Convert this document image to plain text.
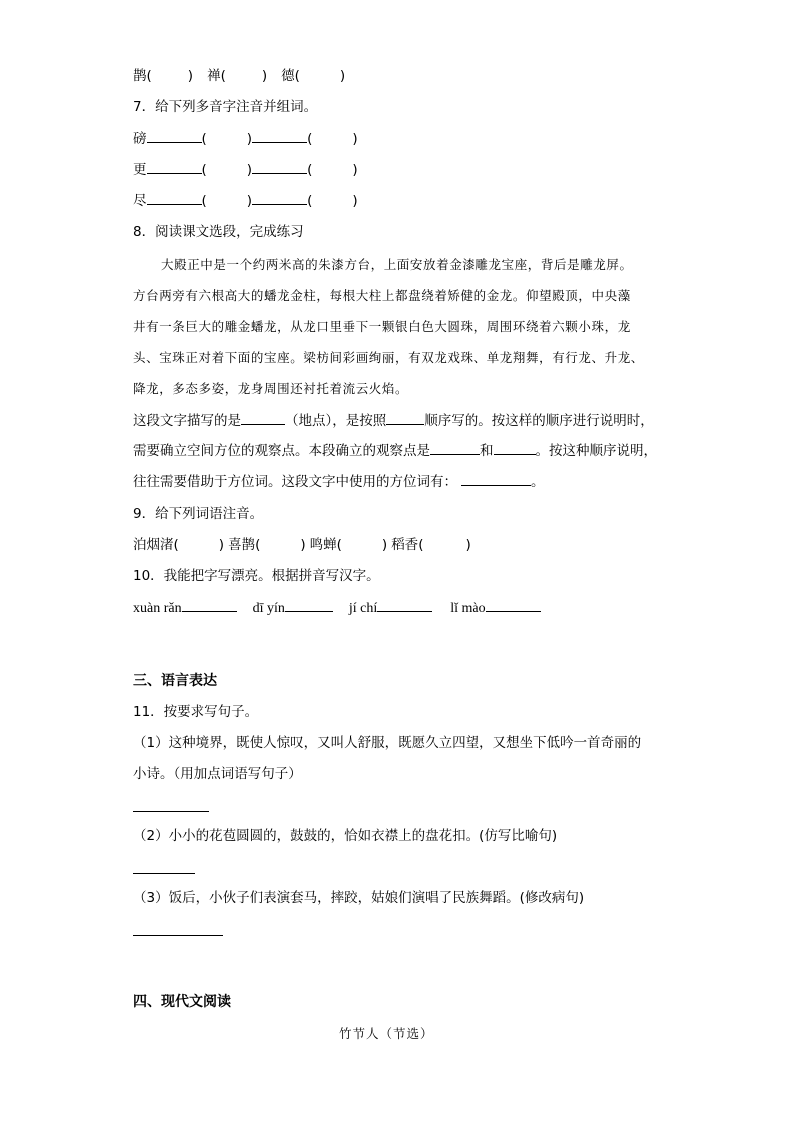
鹊(	) 禅(	) 德(	)
7．给下列多音字注音并组词。
磅	(	)	(	)
更	(	)	(	)
尽	(	)	(	)
8．阅读课文选段，完成练习
大殿正中是一个约两米高的朱漆方台，上面安放着金漆雕龙宝座，背后是雕龙屏。
方台两旁有六根高大的蟠龙金柱，每根大柱上都盘绕着矫健的金龙。仰望殿顶，中央藻
井有一条巨大的雕金蟠龙，从龙口里垂下一颗银白色大圆珠，周围环绕着六颗小珠，龙
头、宝珠正对着下面的宝座。梁枋间彩画绚丽，有双龙戏珠、单龙翔舞，有行龙、升龙、
降龙，多态多姿，龙身周围还衬托着流云火焰。
这段文字描写的是	（地点），是按照	顺序写的。按这样的顺序进行说明时，
需要确立空间方位的观察点。本段确立的观察点是	和	。按这种顺序说明，
往往需要借助于方位词。这段文字中使用的方位词有：	。
9．给下列词语注音。
泊烟渚(	) 喜鹊(	) 鸣蝉(	) 稻香(	)
10．我能把字写漂亮。根据拼音写汉字。
xuàn rǎn	dī yín	jí chí	lǐ mào
三、语言表达
11．按要求写句子。
（1）这种境界，既使人惊叹，又叫人舒服，既愿久立四望，又想坐下低吟一首奇丽的
小诗。（用加点词语写句子）
（2）小小的花苞圆圆的，鼓鼓的，恰如衣襟上的盘花扣。(仿写比喻句)
（3）饭后，小伙子们表演套马，摔跤，姑娘们演唱了民族舞蹈。(修改病句)
四、现代文阅读
竹节人（节选）
